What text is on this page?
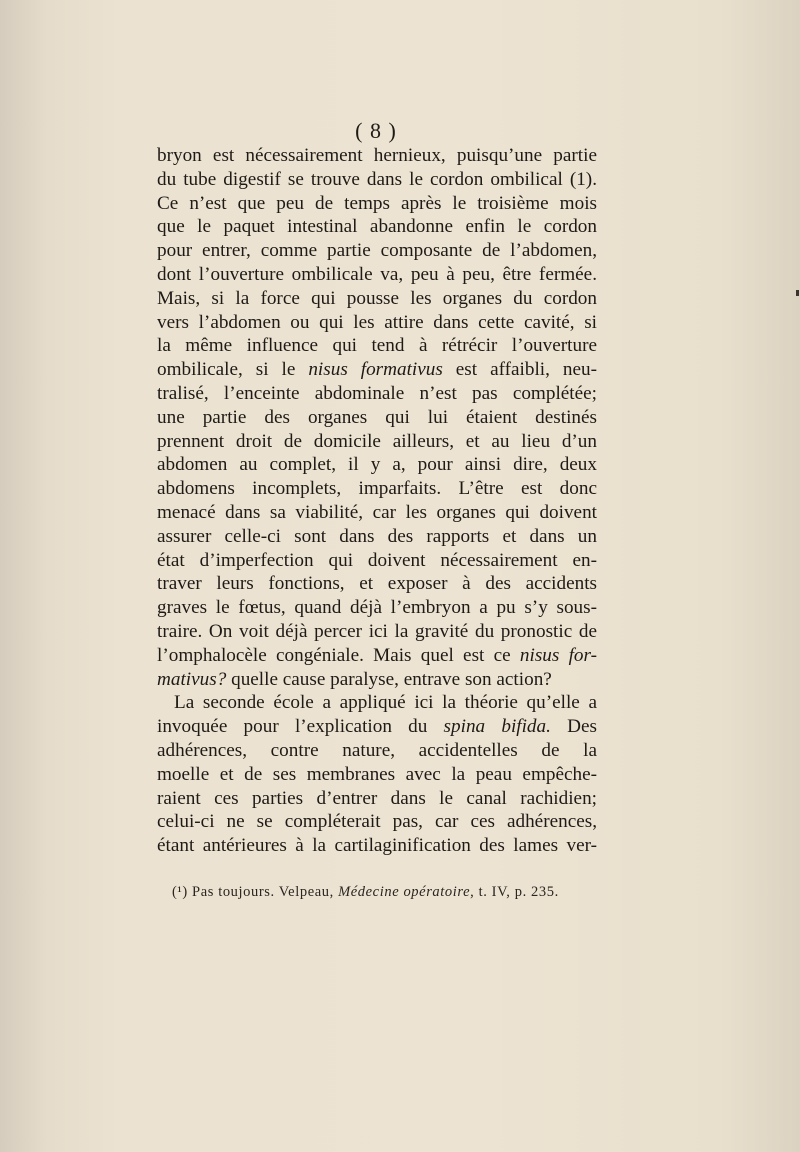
( 8 )
bryon est nécessairement hernieux, puisqu’une partie
du tube digestif se trouve dans le cordon ombilical (1).
Ce n’est que peu de temps après le troisième mois
que le paquet intestinal abandonne enfin le cordon
pour entrer, comme partie composante de l’abdomen,
dont l’ouverture ombilicale va, peu à peu, être fermée.
Mais, si la force qui pousse les organes du cordon
vers l’abdomen ou qui les attire dans cette cavité, si
la même influence qui tend à rétrécir l’ouverture
ombilicale, si le nisus formativus est affaibli, neu-
tralisé, l’enceinte abdominale n’est pas complétée;
une partie des organes qui lui étaient destinés
prennent droit de domicile ailleurs, et au lieu d’un
abdomen au complet, il y a, pour ainsi dire, deux
abdomens incomplets, imparfaits. L’être est donc
menacé dans sa viabilité, car les organes qui doivent
assurer celle-ci sont dans des rapports et dans un
état d’imperfection qui doivent nécessairement en-
traver leurs fonctions, et exposer à des accidents
graves le fœtus, quand déjà l’embryon a pu s’y sous-
traire. On voit déjà percer ici la gravité du pronostic de
l’omphalocèle congéniale. Mais quel est ce nisus for-
mativus? quelle cause paralyse, entrave son action?
La seconde école a appliqué ici la théorie qu’elle a
invoquée pour l’explication du spina bifida. Des
adhérences, contre nature, accidentelles de la
moelle et de ses membranes avec la peau empêche-
raient ces parties d’entrer dans le canal rachidien;
celui-ci ne se compléterait pas, car ces adhérences,
étant antérieures à la cartilaginification des lames ver-
(¹) Pas toujours. Velpeau, Médecine opératoire, t. IV, p. 235.
